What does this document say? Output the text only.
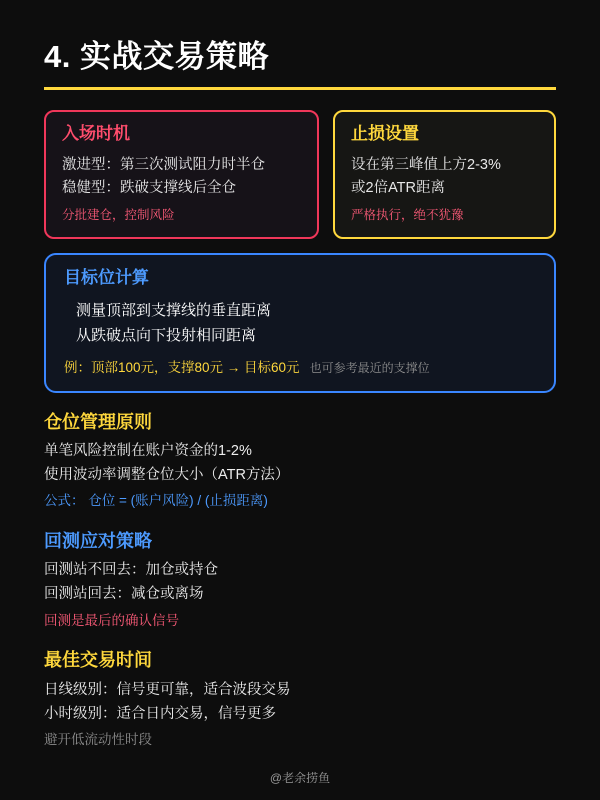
4. 实战交易策略
入场时机
激进型：第三次测试阻力时半仓
稳健型：跌破支撑线后全仓
分批建仓，控制风险
止损设置
设在第三峰值上方2-3%
或2倍ATR距离
严格执行，绝不犹豫
目标位计算
测量顶部到支撑线的垂直距离
从跌破点向下投射相同距离
例：顶部100元，支撑80元 → 目标60元 也可参考最近的支撑位
仓位管理原则
单笔风险控制在账户资金的1-2%
使用波动率调整仓位大小（ATR方法）
公式： 仓位 = (账户风险) / (止损距离)
回测应对策略
回测站不回去：加仓或持仓
回测站回去：减仓或离场
回测是最后的确认信号
最佳交易时间
日线级别：信号更可靠，适合波段交易
小时级别：适合日内交易，信号更多
避开低流动性时段
@老余捞鱼
